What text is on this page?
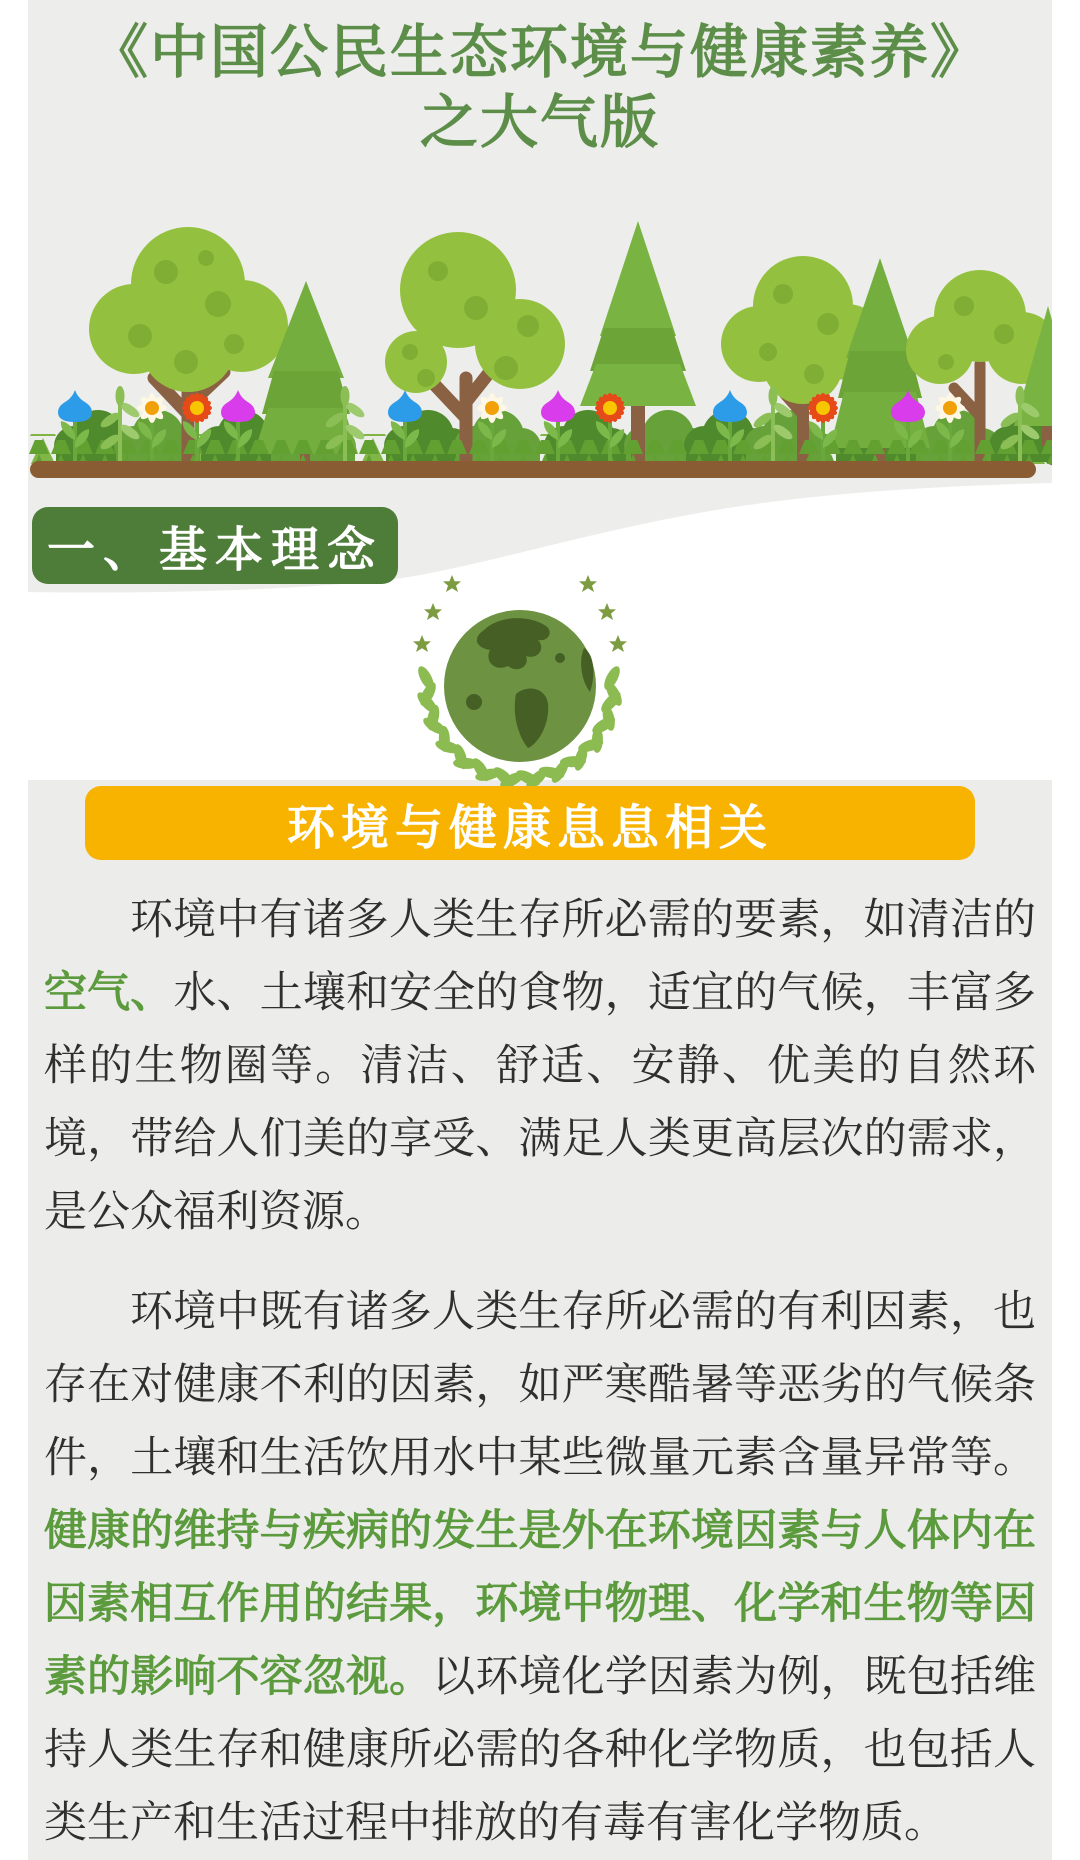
《中国公民生态环境与健康素养》
之大气版
一、基本理念
环境与健康息息相关

环境中有诸多人类生存所必需的要素，如清洁的空气、水、土壤和安全的食物，适宜的气候，丰富多样的生物圈等。清洁、舒适、安静、优美的自然环境，带给人们美的享受、满足人类更高层次的需求，是公众福利资源。

环境中既有诸多人类生存所必需的有利因素，也存在对健康不利的因素，如严寒酷暑等恶劣的气候条件，土壤和生活饮用水中某些微量元素含量异常等。健康的维持与疾病的发生是外在环境因素与人体内在因素相互作用的结果，环境中物理、化学和生物等因素的影响不容忽视。以环境化学因素为例，既包括维持人类生存和健康所必需的各种化学物质，也包括人类生产和生活过程中排放的有毒有害化学物质。
